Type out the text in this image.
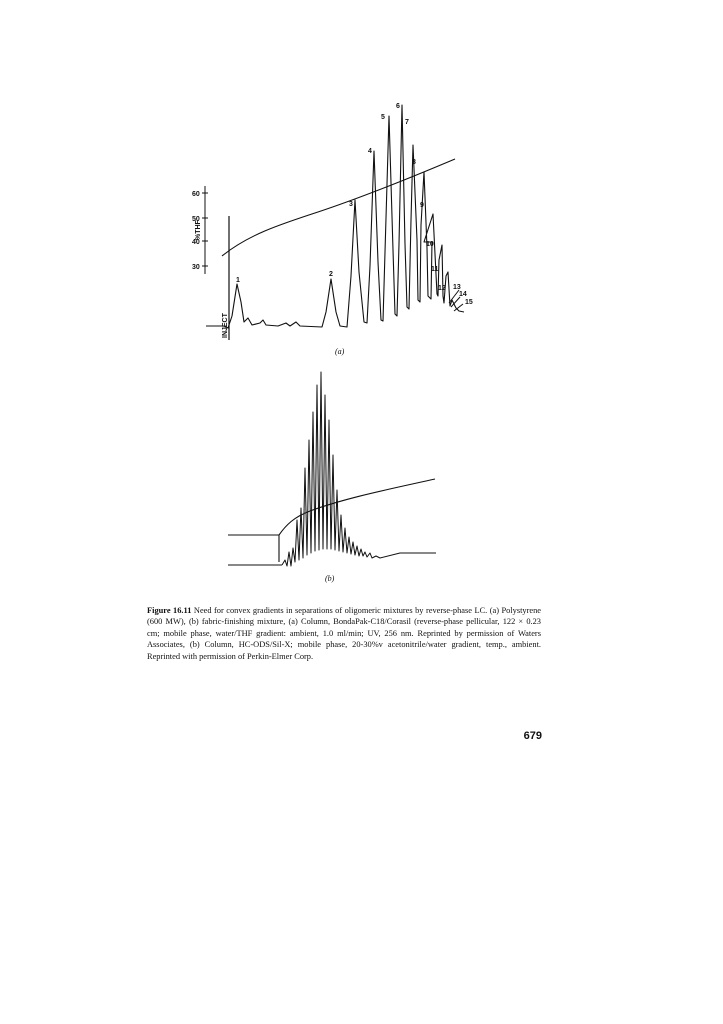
60
50
40
30
%THF
INJECT
1
2
3
4
5
6
7
8
9
10
11
12 13
14
15
(a)
(b)
Figure 16.11 Need for convex gradients in separations of oligomeric mixtures by reverse-phase LC. (a) Polystyrene (600 MW), (b) fabric-finishing mixture, (a) Column, BondaPak-C18/Corasil (reverse-phase pellicular, 122 × 0.23 cm; mobile phase, water/THF gradient: ambient, 1.0 ml/min; UV, 256 nm. Reprinted by permission of Waters Associates, (b) Column, HC-ODS/Sil-X; mobile phase, 20-30%v acetonitrile/water gradient, temp., ambient. Reprinted with permission of Perkin-Elmer Corp.
679
